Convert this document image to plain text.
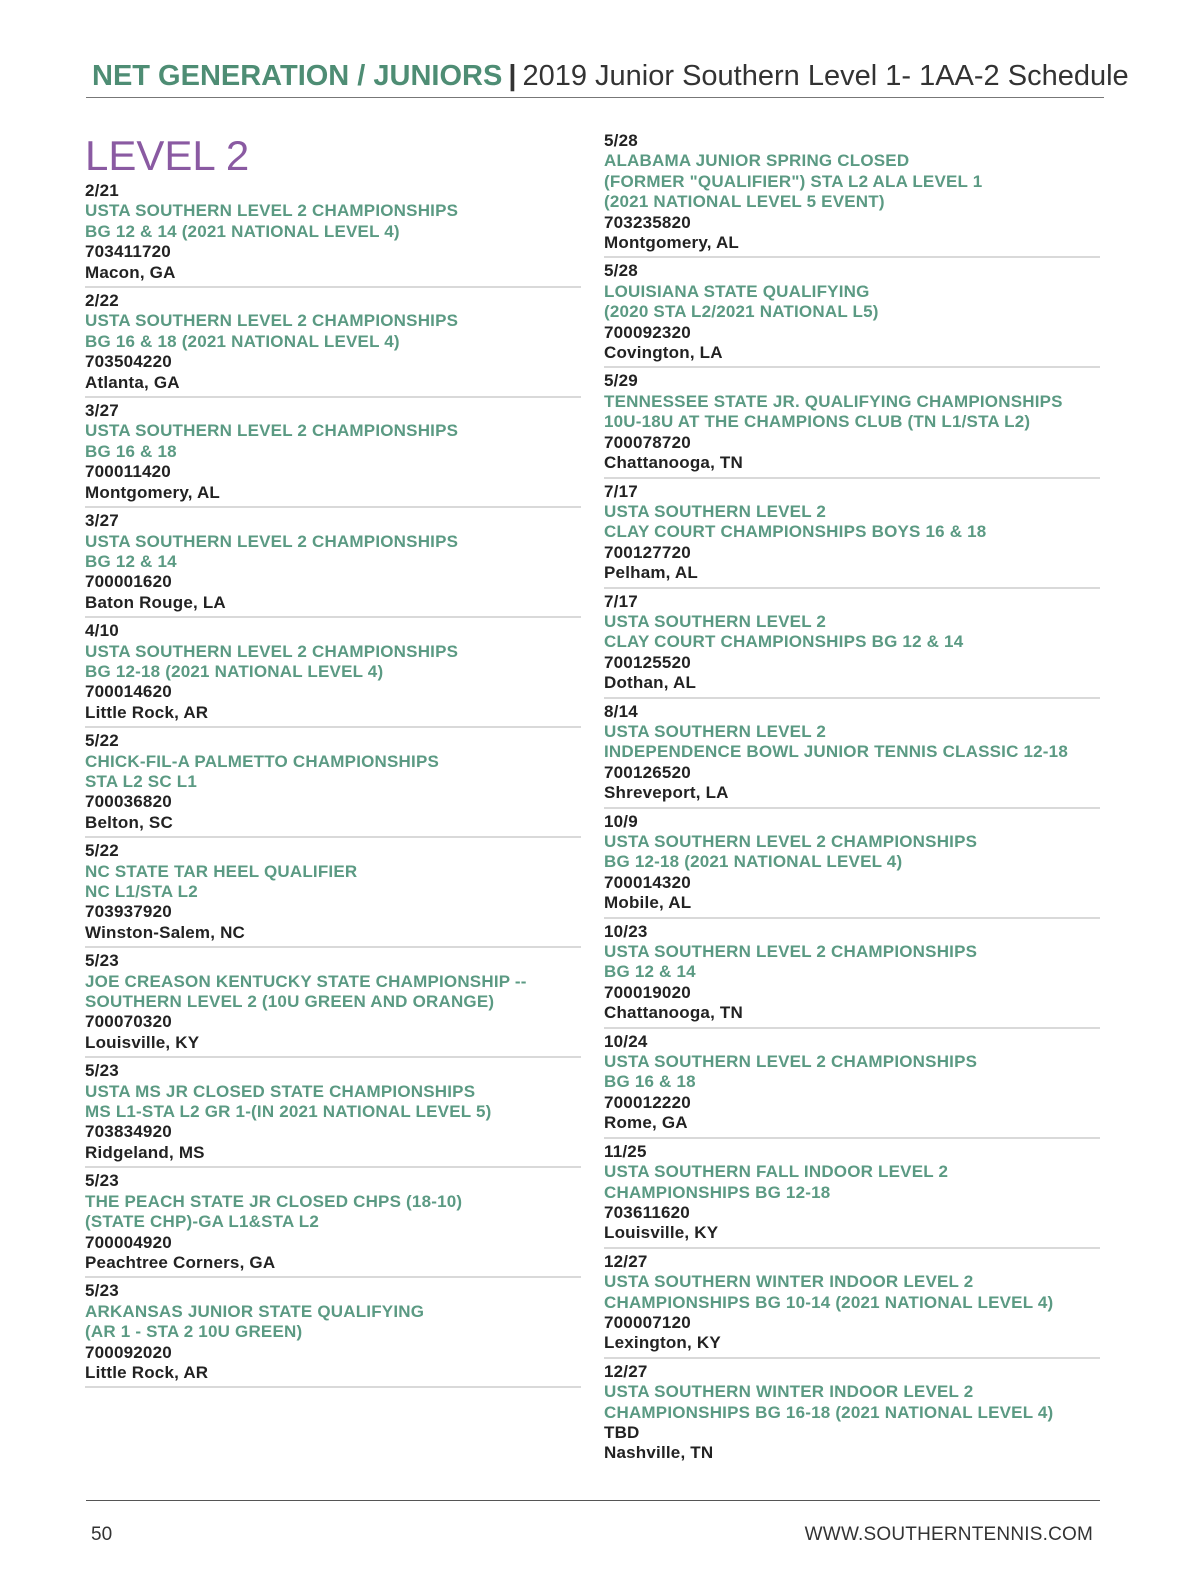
NET GENERATION / JUNIORS | 2019 Junior Southern Level 1- 1AA-2 Schedule
LEVEL 2
2/21
USTA SOUTHERN LEVEL 2 CHAMPIONSHIPS
BG 12 & 14 (2021 NATIONAL LEVEL 4)
703411720
Macon, GA
2/22
USTA SOUTHERN LEVEL 2 CHAMPIONSHIPS
BG 16 & 18 (2021 NATIONAL LEVEL 4)
703504220
Atlanta, GA
3/27
USTA SOUTHERN LEVEL 2 CHAMPIONSHIPS
BG 16 & 18
700011420
Montgomery, AL
3/27
USTA SOUTHERN LEVEL 2 CHAMPIONSHIPS
BG 12 & 14
700001620
Baton Rouge, LA
4/10
USTA SOUTHERN LEVEL 2 CHAMPIONSHIPS
BG 12-18 (2021 NATIONAL LEVEL 4)
700014620
Little Rock, AR
5/22
CHICK-FIL-A PALMETTO CHAMPIONSHIPS
STA L2 SC L1
700036820
Belton, SC
5/22
NC STATE TAR HEEL QUALIFIER
NC L1/STA L2
703937920
Winston-Salem, NC
5/23
JOE CREASON KENTUCKY STATE CHAMPIONSHIP --
SOUTHERN LEVEL 2 (10U GREEN AND ORANGE)
700070320
Louisville, KY
5/23
USTA MS JR CLOSED STATE CHAMPIONSHIPS
MS L1-STA L2 GR 1-(IN 2021 NATIONAL LEVEL 5)
703834920
Ridgeland, MS
5/23
THE PEACH STATE JR CLOSED CHPS (18-10)
(STATE CHP)-GA L1&STA L2
700004920
Peachtree Corners, GA
5/23
ARKANSAS JUNIOR STATE QUALIFYING
(AR 1 - STA 2 10U GREEN)
700092020
Little Rock, AR
5/28
ALABAMA JUNIOR SPRING CLOSED
(FORMER "QUALIFIER") STA L2 ALA LEVEL 1
(2021 NATIONAL LEVEL 5 EVENT)
703235820
Montgomery, AL
5/28
LOUISIANA STATE QUALIFYING
(2020 STA L2/2021 NATIONAL L5)
700092320
Covington, LA
5/29
TENNESSEE STATE JR. QUALIFYING CHAMPIONSHIPS
10U-18U AT THE CHAMPIONS CLUB (TN L1/STA L2)
700078720
Chattanooga, TN
7/17
USTA SOUTHERN LEVEL 2
CLAY COURT CHAMPIONSHIPS BOYS 16 & 18
700127720
Pelham, AL
7/17
USTA SOUTHERN LEVEL 2
CLAY COURT CHAMPIONSHIPS BG 12 & 14
700125520
Dothan, AL
8/14
USTA SOUTHERN LEVEL 2
INDEPENDENCE BOWL JUNIOR TENNIS CLASSIC 12-18
700126520
Shreveport, LA
10/9
USTA SOUTHERN LEVEL 2 CHAMPIONSHIPS
BG 12-18 (2021 NATIONAL LEVEL 4)
700014320
Mobile, AL
10/23
USTA SOUTHERN LEVEL 2 CHAMPIONSHIPS
BG 12 & 14
700019020
Chattanooga, TN
10/24
USTA SOUTHERN LEVEL 2 CHAMPIONSHIPS
BG 16 & 18
700012220
Rome, GA
11/25
USTA SOUTHERN FALL INDOOR LEVEL 2
CHAMPIONSHIPS BG 12-18
703611620
Louisville, KY
12/27
USTA SOUTHERN WINTER INDOOR LEVEL 2
CHAMPIONSHIPS BG 10-14 (2021 NATIONAL LEVEL 4)
700007120
Lexington, KY
12/27
USTA SOUTHERN WINTER INDOOR LEVEL 2
CHAMPIONSHIPS BG 16-18 (2021 NATIONAL LEVEL 4)
TBD
Nashville, TN
50	WWW.SOUTHERNTENNIS.COM
